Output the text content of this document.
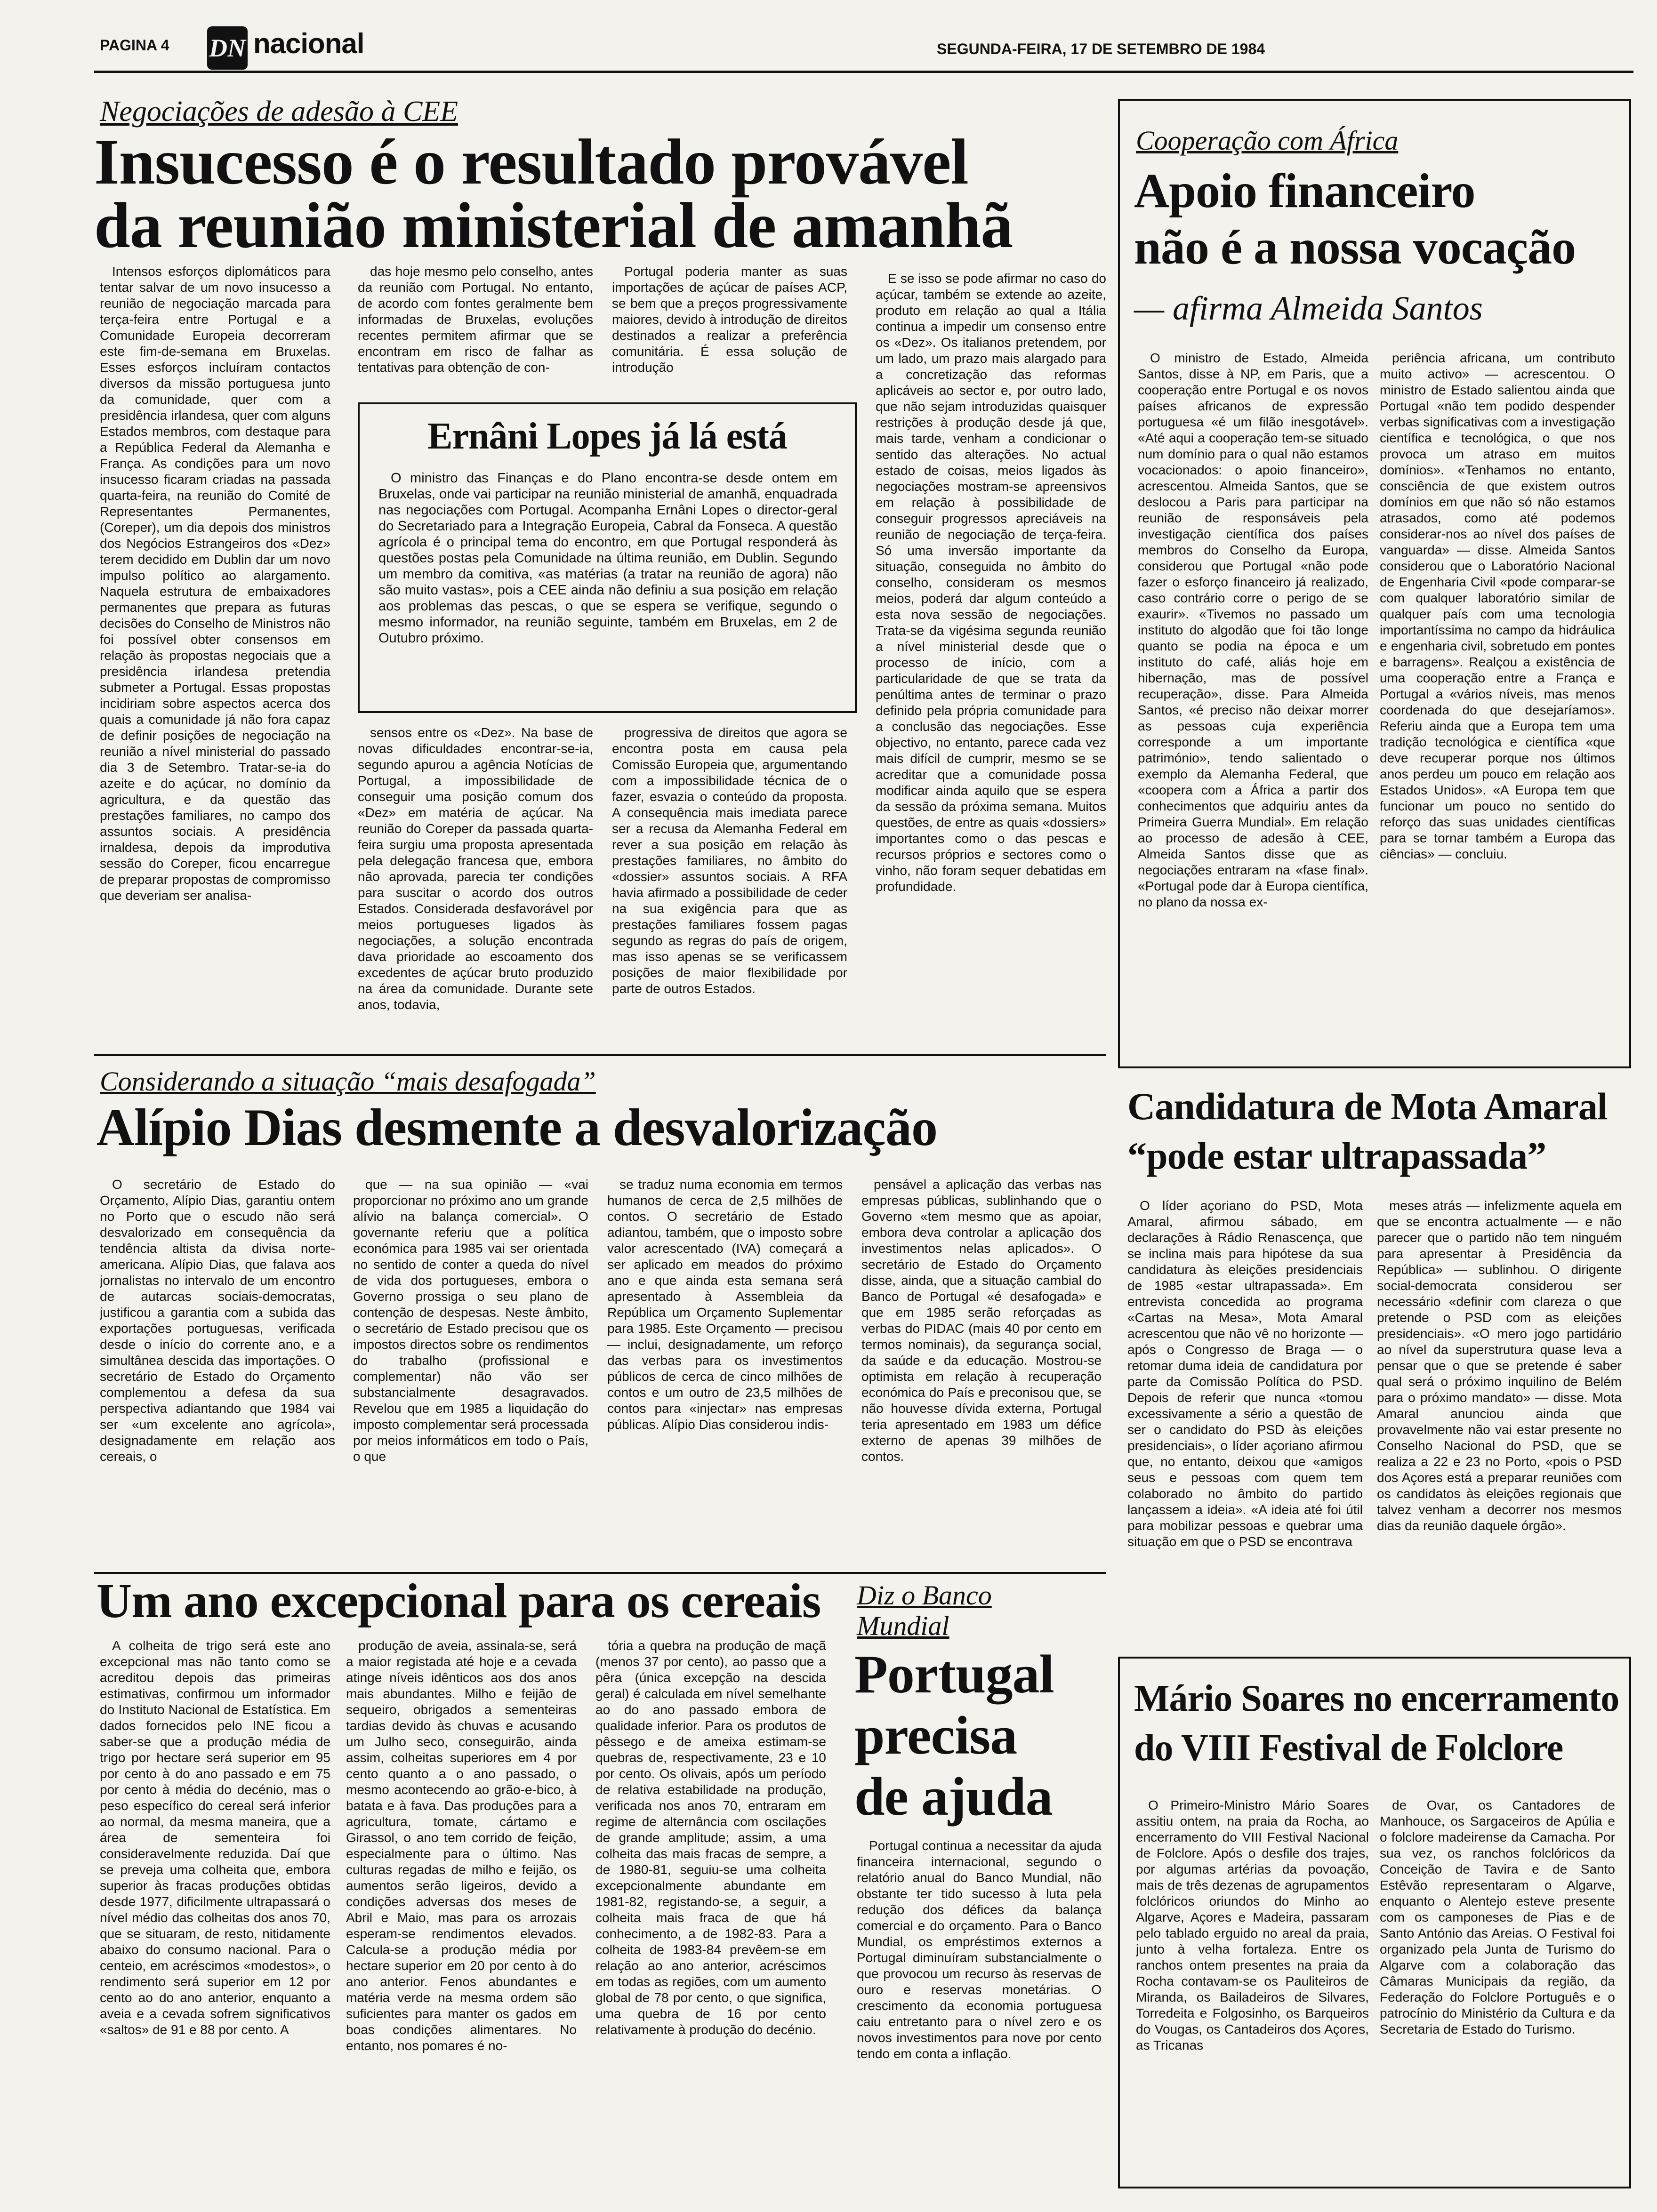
PAGINA 4 DN nacional	SEGUNDA-FEIRA, 17 DE SETEMBRO DE 1984
Negociações de adesão à CEE
Insucesso é o resultado provável
da reunião ministerial de amanhã

Intensos esforços diplomáticos para tentar salvar de um novo insucesso a reunião de negociação marcada para terça-feira entre Portugal e a Comunidade Europeia decorreram este fim-de-semana em Bruxelas. Esses esforços incluíram contactos diversos da missão portuguesa junto da comunidade, quer com a presidência irlandesa, quer com alguns Estados membros, com destaque para a República Federal da Alemanha e França. As condições para um novo insucesso ficaram criadas na passada quarta-feira, na reunião do Comité de Representantes Permanentes, (Coreper), um dia depois dos ministros dos Negócios Estrangeiros dos «Dez» terem decidido em Dublin dar um novo impulso político ao alargamento. Naquela estrutura de embaixadores permanentes que prepara as futuras decisões do Conselho de Ministros não foi possível obter consensos em relação às propostas negociais que a presidência irlandesa pretendia submeter a Portugal. Essas propostas incidiriam sobre aspectos acerca dos quais a comunidade já não fora capaz de definir posições de negociação na reunião a nível ministerial do passado dia 3 de Setembro. Tratar-se-ia do azeite e do açúcar, no domínio da agricultura, e da questão das prestações familiares, no campo dos assuntos sociais. A presidência irnaldesa, depois da improdutiva sessão do Coreper, ficou encarregue de preparar propostas de compromisso que deveriam ser analisa-

das hoje mesmo pelo conselho, antes da reunião com Portugal. No entanto, de acordo com fontes geralmente bem informadas de Bruxelas, evoluções recentes permitem afirmar que se encontram em risco de falhar as tentativas para obtenção de con-

Portugal poderia manter as suas importações de açúcar de países ACP, se bem que a preços progressivamente maiores, devido à introdução de direitos destinados a realizar a preferência comunitária. É essa solução de introdução

E se isso se pode afirmar no caso do açúcar, também se extende ao azeite, produto em relação ao qual a Itália continua a impedir um consenso entre os «Dez». Os italianos pretendem, por um lado, um prazo mais alargado para a concretização das reformas aplicáveis ao sector e, por outro lado, que não sejam introduzidas quaisquer restrições à produção desde já que, mais tarde, venham a condicionar o sentido das alterações. No actual estado de coisas, meios ligados às negociações mostram-se apreensivos em relação à possibilidade de conseguir progressos apreciáveis na reunião de negociação de terça-feira. Só uma inversão importante da situação, conseguida no âmbito do conselho, consideram os mesmos meios, poderá dar algum conteúdo a esta nova sessão de negociações. Trata-se da vigésima segunda reunião a nível ministerial desde que o processo de início, com a particularidade de que se trata da penúltima antes de terminar o prazo definido pela própria comunidade para a conclusão das negociações. Esse objectivo, no entanto, parece cada vez mais difícil de cumprir, mesmo se se acreditar que a comunidade possa modificar ainda aquilo que se espera da sessão da próxima semana. Muitos questões, de entre as quais «dossiers» importantes como o das pescas e recursos próprios e sectores como o vinho, não foram sequer debatidas em profundidade.

Ernâni Lopes já lá está

O ministro das Finanças e do Plano encontra-se desde ontem em Bruxelas, onde vai participar na reunião ministerial de amanhã, enquadrada nas negociações com Portugal. Acompanha Ernâni Lopes o director-geral do Secretariado para a Integração Europeia, Cabral da Fonseca. A questão agrícola é o principal tema do encontro, em que Portugal responderá às questões postas pela Comunidade na última reunião, em Dublin. Segundo um membro da comitiva, «as matérias (a tratar na reunião de agora) não são muito vastas», pois a CEE ainda não definiu a sua posição em relação aos problemas das pescas, o que se espera se verifique, segundo o mesmo informador, na reunião seguinte, também em Bruxelas, em 2 de Outubro próximo.

sensos entre os «Dez». Na base de novas dificuldades encontrar-se-ia, segundo apurou a agência Notícias de Portugal, a impossibilidade de conseguir uma posição comum dos «Dez» em matéria de açúcar. Na reunião do Coreper da passada quarta-feira surgiu uma proposta apresentada pela delegação francesa que, embora não aprovada, parecia ter condições para suscitar o acordo dos outros Estados. Considerada desfavorável por meios portugueses ligados às negociações, a solução encontrada dava prioridade ao escoamento dos excedentes de açúcar bruto produzido na área da comunidade. Durante sete anos, todavia,

progressiva de direitos que agora se encontra posta em causa pela Comissão Europeia que, argumentando com a impossibilidade técnica de o fazer, esvazia o conteúdo da proposta. A consequência mais imediata parece ser a recusa da Alemanha Federal em rever a sua posição em relação às prestações familiares, no âmbito do «dossier» assuntos sociais. A RFA havia afirmado a possibilidade de ceder na sua exigência para que as prestações familiares fossem pagas segundo as regras do país de origem, mas isso apenas se se verificassem posições de maior flexibilidade por parte de outros Estados.

Cooperação com África
Apoio financeiro
não é a nossa vocação
— afirma Almeida Santos

O ministro de Estado, Almeida Santos, disse à NP, em Paris, que a cooperação entre Portugal e os novos países africanos de expressão portuguesa «é um filão inesgotável». «Até aqui a cooperação tem-se situado num domínio para o qual não estamos vocacionados: o apoio financeiro», acrescentou. Almeida Santos, que se deslocou a Paris para participar na reunião de responsáveis pela investigação científica dos países membros do Conselho da Europa, considerou que Portugal «não pode fazer o esforço financeiro já realizado, caso contrário corre o perigo de se exaurir». «Tivemos no passado um instituto do algodão que foi tão longe quanto se podia na época e um instituto do café, aliás hoje em hibernação, mas de possível recuperação», disse. Para Almeida Santos, «é preciso não deixar morrer as pessoas cuja experiência corresponde a um importante património», tendo salientado o exemplo da Alemanha Federal, que «coopera com a África a partir dos conhecimentos que adquiriu antes da Primeira Guerra Mundial». Em relação ao processo de adesão à CEE, Almeida Santos disse que as negociações entraram na «fase final». «Portugal pode dar à Europa científica, no plano da nossa ex-

periência africana, um contributo muito activo» — acrescentou. O ministro de Estado salientou ainda que Portugal «não tem podido despender verbas significativas com a investigação científica e tecnológica, o que nos provoca um atraso em muitos domínios». «Tenhamos no entanto, consciência de que existem outros domínios em que não só não estamos atrasados, como até podemos considerar-nos ao nível dos países de vanguarda» — disse. Almeida Santos considerou que o Laboratório Nacional de Engenharia Civil «pode comparar-se com qualquer laboratório similar de qualquer país com uma tecnologia importantíssima no campo da hidráulica e engenharia civil, sobretudo em pontes e barragens». Realçou a existência de uma cooperação entre a França e Portugal a «vários níveis, mas menos coordenada do que desejaríamos». Referiu ainda que a Europa tem uma tradição tecnológica e científica «que deve recuperar porque nos últimos anos perdeu um pouco em relação aos Estados Unidos». «A Europa tem que funcionar um pouco no sentido do reforço das suas unidades científicas para se tornar também a Europa das ciências» — concluiu.

Considerando a situação “mais desafogada”
Alípio Dias desmente a desvalorização

O secretário de Estado do Orçamento, Alípio Dias, garantiu ontem no Porto que o escudo não será desvalorizado em consequência da tendência altista da divisa norte-americana. Alípio Dias, que falava aos jornalistas no intervalo de um encontro de autarcas sociais-democratas, justificou a garantia com a subida das exportações portuguesas, verificada desde o início do corrente ano, e a simultânea descida das importações. O secretário de Estado do Orçamento complementou a defesa da sua perspectiva adiantando que 1984 vai ser «um excelente ano agrícola», designadamente em relação aos cereais, o

que — na sua opinião — «vai proporcionar no próximo ano um grande alívio na balança comercial». O governante referiu que a política económica para 1985 vai ser orientada no sentido de conter a queda do nível de vida dos portugueses, embora o Governo prossiga o seu plano de contenção de despesas. Neste âmbito, o secretário de Estado precisou que os impostos directos sobre os rendimentos do trabalho (profissional e complementar) não vão ser substancialmente desagravados. Revelou que em 1985 a liquidação do imposto complementar será processada por meios informáticos em todo o País, o que

se traduz numa economia em termos humanos de cerca de 2,5 milhões de contos. O secretário de Estado adiantou, também, que o imposto sobre valor acrescentado (IVA) começará a ser aplicado em meados do próximo ano e que ainda esta semana será apresentado à Assembleia da República um Orçamento Suplementar para 1985. Este Orçamento — precisou — inclui, designadamente, um reforço das verbas para os investimentos públicos de cerca de cinco milhões de contos e um outro de 23,5 milhões de contos para «injectar» nas empresas públicas. Alípio Dias considerou indis-

pensável a aplicação das verbas nas empresas públicas, sublinhando que o Governo «tem mesmo que as apoiar, embora deva controlar a aplicação dos investimentos nelas aplicados». O secretário de Estado do Orçamento disse, ainda, que a situação cambial do Banco de Portugal «é desafogada» e que em 1985 serão reforçadas as verbas do PIDAC (mais 40 por cento em termos nominais), da segurança social, da saúde e da educação. Mostrou-se optimista em relação à recuperação económica do País e preconisou que, se não houvesse dívida externa, Portugal teria apresentado em 1983 um défice externo de apenas 39 milhões de contos.

Candidatura de Mota Amaral
“pode estar ultrapassada”

O líder açoriano do PSD, Mota Amaral, afirmou sábado, em declarações à Rádio Renascença, que se inclina mais para hipótese da sua candidatura às eleições presidenciais de 1985 «estar ultrapassada». Em entrevista concedida ao programa «Cartas na Mesa», Mota Amaral acrescentou que não vê no horizonte — após o Congresso de Braga — o retomar duma ideia de candidatura por parte da Comissão Política do PSD. Depois de referir que nunca «tomou excessivamente a sério a questão de ser o candidato do PSD às eleições presidenciais», o líder açoriano afirmou que, no entanto, deixou que «amigos seus e pessoas com quem tem colaborado no âmbito do partido lançassem a ideia». «A ideia até foi útil para mobilizar pessoas e quebrar uma situação em que o PSD se encontrava

meses atrás — infelizmente aquela em que se encontra actualmente — e não parecer que o partido não tem ninguém para apresentar à Presidência da República» — sublinhou. O dirigente social-democrata considerou ser necessário «definir com clareza o que pretende o PSD com as eleições presidenciais». «O mero jogo partidário ao nível da superstrutura quase leva a pensar que o que se pretende é saber qual será o próximo inquilino de Belém para o próximo mandato» — disse. Mota Amaral anunciou ainda que provavelmente não vai estar presente no Conselho Nacional do PSD, que se realiza a 22 e 23 no Porto, «pois o PSD dos Açores está a preparar reuniões com os candidatos às eleições regionais que talvez venham a decorrer nos mesmos dias da reunião daquele órgão».

Um ano excepcional para os cereais

A colheita de trigo será este ano excepcional mas não tanto como se acreditou depois das primeiras estimativas, confirmou um informador do Instituto Nacional de Estatística. Em dados fornecidos pelo INE ficou a saber-se que a produção média de trigo por hectare será superior em 95 por cento à do ano passado e em 75 por cento à média do decénio, mas o peso específico do cereal será inferior ao normal, da mesma maneira, que a área de sementeira foi consideravelmente reduzida. Daí que se preveja uma colheita que, embora superior às fracas produções obtidas desde 1977, dificilmente ultrapassará o nível médio das colheitas dos anos 70, que se situaram, de resto, nitidamente abaixo do consumo nacional. Para o centeio, em acréscimos «modestos», o rendimento será superior em 12 por cento ao do ano anterior, enquanto a aveia e a cevada sofrem significativos «saltos» de 91 e 88 por cento. A

produção de aveia, assinala-se, será a maior registada até hoje e a cevada atinge níveis idênticos aos dos anos mais abundantes. Milho e feijão de sequeiro, obrigados a sementeiras tardias devido às chuvas e acusando um Julho seco, conseguirão, ainda assim, colheitas superiores em 4 por cento quanto a o ano passado, o mesmo acontecendo ao grão-e-bico, à batata e à fava. Das produções para a agricultura, tomate, cártamo e Girassol, o ano tem corrido de feição, especialmente para o último. Nas culturas regadas de milho e feijão, os aumentos serão ligeiros, devido a condições adversas dos meses de Abril e Maio, mas para os arrozais esperam-se rendimentos elevados. Calcula-se a produção média por hectare superior em 20 por cento à do ano anterior. Fenos abundantes e matéria verde na mesma ordem são suficientes para manter os gados em boas condições alimentares. No entanto, nos pomares é no-

tória a quebra na produção de maçã (menos 37 por cento), ao passo que a pêra (única excepção na descida geral) é calculada em nível semelhante ao do ano passado embora de qualidade inferior. Para os produtos de pêssego e de ameixa estimam-se quebras de, respectivamente, 23 e 10 por cento. Os olivais, após um período de relativa estabilidade na produção, verificada nos anos 70, entraram em regime de alternância com oscilações de grande amplitude; assim, a uma colheita das mais fracas de sempre, a de 1980-81, seguiu-se uma colheita excepcionalmente abundante em 1981-82, registando-se, a seguir, a colheita mais fraca de que há conhecimento, a de 1982-83. Para a colheita de 1983-84 prevêem-se em relação ao ano anterior, acréscimos em todas as regiões, com um aumento global de 78 por cento, o que significa, uma quebra de 16 por cento relativamente à produção do decénio.

Diz o Banco
Mundial
Portugal
precisa
de ajuda

Portugal continua a necessitar da ajuda financeira internacional, segundo o relatório anual do Banco Mundial, não obstante ter tido sucesso à luta pela redução dos défices da balança comercial e do orçamento. Para o Banco Mundial, os empréstimos externos a Portugal diminuíram substancialmente o que provocou um recurso às reservas de ouro e reservas monetárias. O crescimento da economia portuguesa caiu entretanto para o nível zero e os novos investimentos para nove por cento tendo em conta a inflação.

Mário Soares no encerramento
do VIII Festival de Folclore

O Primeiro-Ministro Mário Soares assitiu ontem, na praia da Rocha, ao encerramento do VIII Festival Nacional de Folclore. Após o desfile dos trajes, por algumas artérias da povoação, mais de três dezenas de agrupamentos folclóricos oriundos do Minho ao Algarve, Açores e Madeira, passaram pelo tablado erguido no areal da praia, junto à velha fortaleza. Entre os ranchos ontem presentes na praia da Rocha contavam-se os Pauliteiros de Miranda, os Bailadeiros de Silvares, Torredeita e Folgosinho, os Barqueiros do Vougas, os Cantadeiros dos Açores, as Tricanas

de Ovar, os Cantadores de Manhouce, os Sargaceiros de Apúlia e o folclore madeirense da Camacha. Por sua vez, os ranchos folclóricos da Conceição de Tavira e de Santo Estêvão representaram o Algarve, enquanto o Alentejo esteve presente com os camponeses de Pias e de Santo António das Areias. O Festival foi organizado pela Junta de Turismo do Algarve com a colaboração das Câmaras Municipais da região, da Federação do Folclore Português e o patrocínio do Ministério da Cultura e da Secretaria de Estado do Turismo.
